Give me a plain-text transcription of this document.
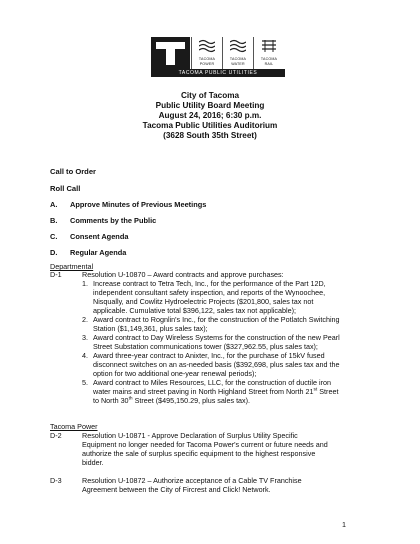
TACOMA
POWER
TACOMA
WATER
TACOMA
RAIL
TACOMA PUBLIC UTILITIES
City of Tacoma
Public Utility Board Meeting
August 24, 2016; 6:30 p.m.
Tacoma Public Utilities Auditorium
(3628 South 35th Street)
Call to Order
Roll Call
A. Approve Minutes of Previous Meetings
B. Comments by the Public
C. Consent Agenda
D. Regular Agenda
Departmental
D-1	Resolution U-10870 – Award contracts and approve purchases:
1. Increase contract to Tetra Tech, Inc., for the performance of the Part 12D,
independent consultant safety inspection, and reports of the Wynoochee,
Nisqually, and Cowlitz Hydroelectric Projects ($201,800, sales tax not
applicable. Cumulative total $396,122, sales tax not applicable);
2. Award contract to Rognlin's Inc., for the construction of the Potlatch Switching
Station ($1,149,361, plus sales tax);
3. Award contract to Day Wireless Systems for the construction of the new Pearl
Street Substation communications tower ($327,962.55, plus sales tax);
4. Award three-year contract to Anixter, Inc., for the purchase of 15kV fused
disconnect switches on an as-needed basis ($392,698, plus sales tax and the
option for two additional one-year renewal periods);
5. Award contract to Miles Resources, LLC, for the construction of ductile iron
water mains and street paving in North Highland Street from North 21st Street
to North 30th Street ($495,150.29, plus sales tax).
Tacoma Power
D-2	Resolution U-10871 - Approve Declaration of Surplus Utility Specific
Equipment no longer needed for Tacoma Power's current or future needs and
authorize the sale of surplus specific equipment to the highest responsive
bidder.
D-3	Resolution U-10872 – Authorize acceptance of a Cable TV Franchise
Agreement between the City of Fircrest and Click! Network.
1
